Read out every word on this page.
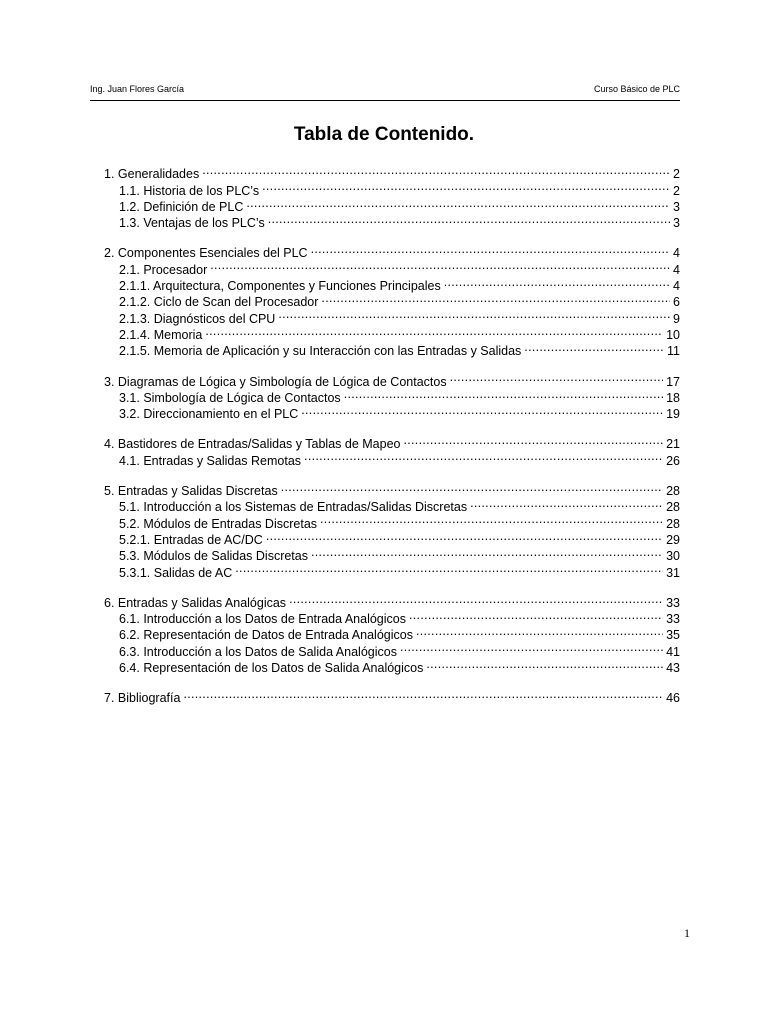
Ing. Juan Flores García	Curso Básico de PLC
Tabla de Contenido.
1. Generalidades .....	2
1.1. Historia de los PLC’s .....	2
1.2. Definición de PLC .....	3
1.3. Ventajas de los PLC’s .....	3
2. Componentes Esenciales del PLC .....	4
2.1. Procesador .....	4
2.1.1. Arquitectura, Componentes y Funciones Principales .....	4
2.1.2. Ciclo de Scan del Procesador .....	6
2.1.3. Diagnósticos del CPU .....	9
2.1.4. Memoria .....	10
2.1.5. Memoria de Aplicación y su Interacción con las Entradas y Salidas .....	11
3. Diagramas de Lógica y Simbología de Lógica de Contactos .....	17
3.1. Simbología de Lógica de Contactos .....	18
3.2. Direccionamiento en el PLC .....	19
4. Bastidores de Entradas/Salidas y Tablas de Mapeo .....	21
4.1. Entradas y Salidas Remotas .....	26
5. Entradas y Salidas Discretas .....	28
5.1. Introducción a los Sistemas de Entradas/Salidas Discretas .....	28
5.2. Módulos de Entradas Discretas .....	28
5.2.1. Entradas de AC/DC .....	29
5.3. Módulos de Salidas Discretas .....	30
5.3.1. Salidas de AC .....	31
6. Entradas y Salidas Analógicas .....	33
6.1. Introducción a los Datos de Entrada Analógicos .....	33
6.2. Representación de Datos de Entrada Analógicos .....	35
6.3. Introducción a los Datos de Salida Analógicos .....	41
6.4. Representación de los Datos de Salida Analógicos .....	43
7. Bibliografía .....	46
1
